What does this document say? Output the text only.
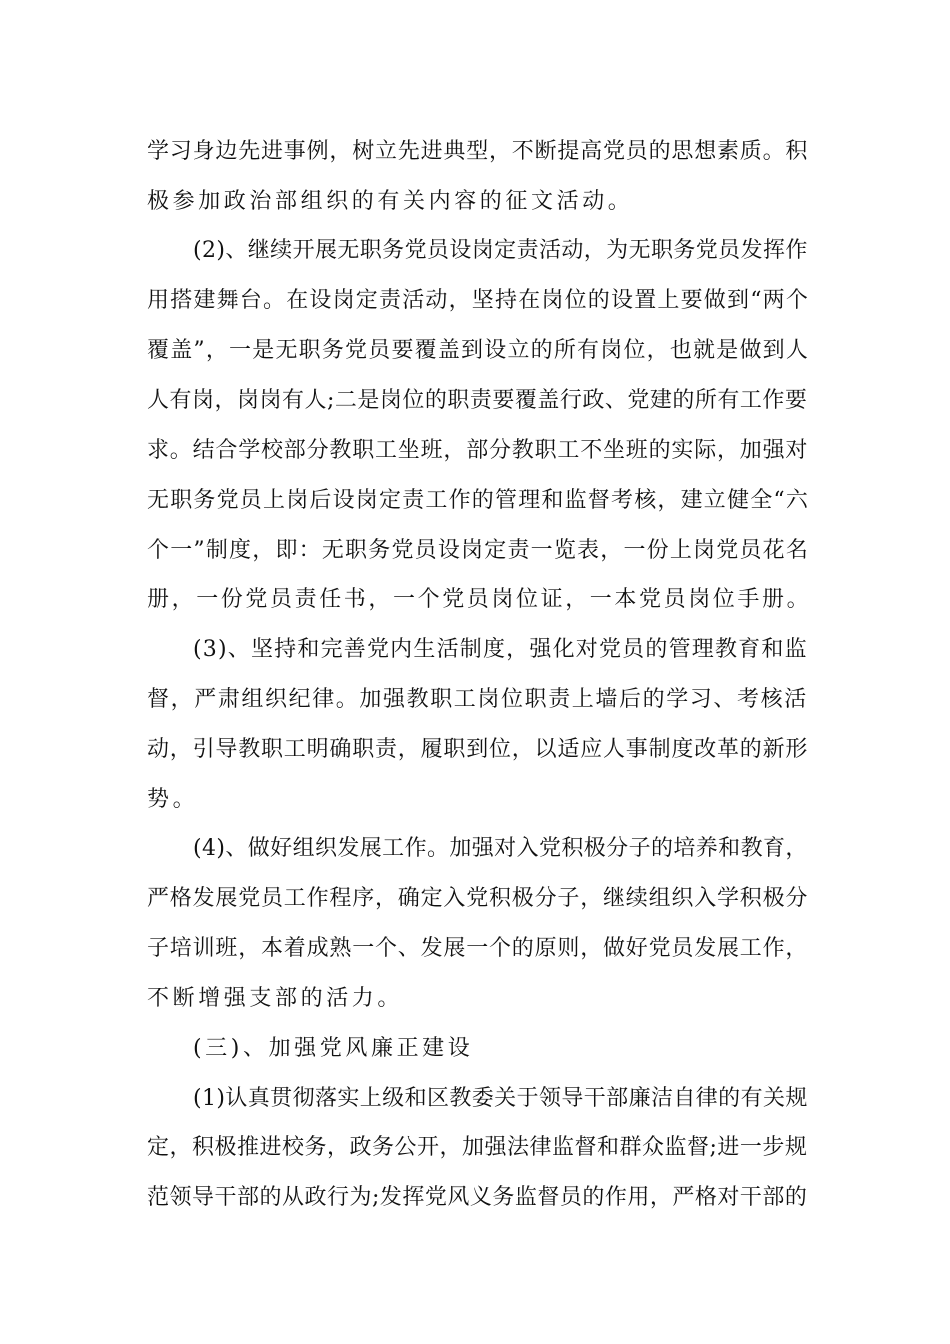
学习身边先进事例，树立先进典型，不断提高党员的思想素质。积

极参加政治部组织的有关内容的征文活动。

(2)、继续开展无职务党员设岗定责活动，为无职务党员发挥作

用搭建舞台。在设岗定责活动，坚持在岗位的设置上要做到“两个

覆盖”，一是无职务党员要覆盖到设立的所有岗位，也就是做到人

人有岗，岗岗有人;二是岗位的职责要覆盖行政、党建的所有工作要

求。结合学校部分教职工坐班，部分教职工不坐班的实际，加强对

无职务党员上岗后设岗定责工作的管理和监督考核，建立健全“六

个一”制度，即：无职务党员设岗定责一览表，一份上岗党员花名

册，一份党员责任书，一个党员岗位证，一本党员岗位手册。

(3)、坚持和完善党内生活制度，强化对党员的管理教育和监

督，严肃组织纪律。加强教职工岗位职责上墙后的学习、考核活

动，引导教职工明确职责，履职到位，以适应人事制度改革的新形

势。

(4)、做好组织发展工作。加强对入党积极分子的培养和教育，

严格发展党员工作程序，确定入党积极分子，继续组织入学积极分

子培训班，本着成熟一个、发展一个的原则，做好党员发展工作，

不断增强支部的活力。

(三)、加强党风廉正建设

(1)认真贯彻落实上级和区教委关于领导干部廉洁自律的有关规

定，积极推进校务，政务公开，加强法律监督和群众监督;进一步规

范领导干部的从政行为;发挥党风义务监督员的作用，严格对干部的
